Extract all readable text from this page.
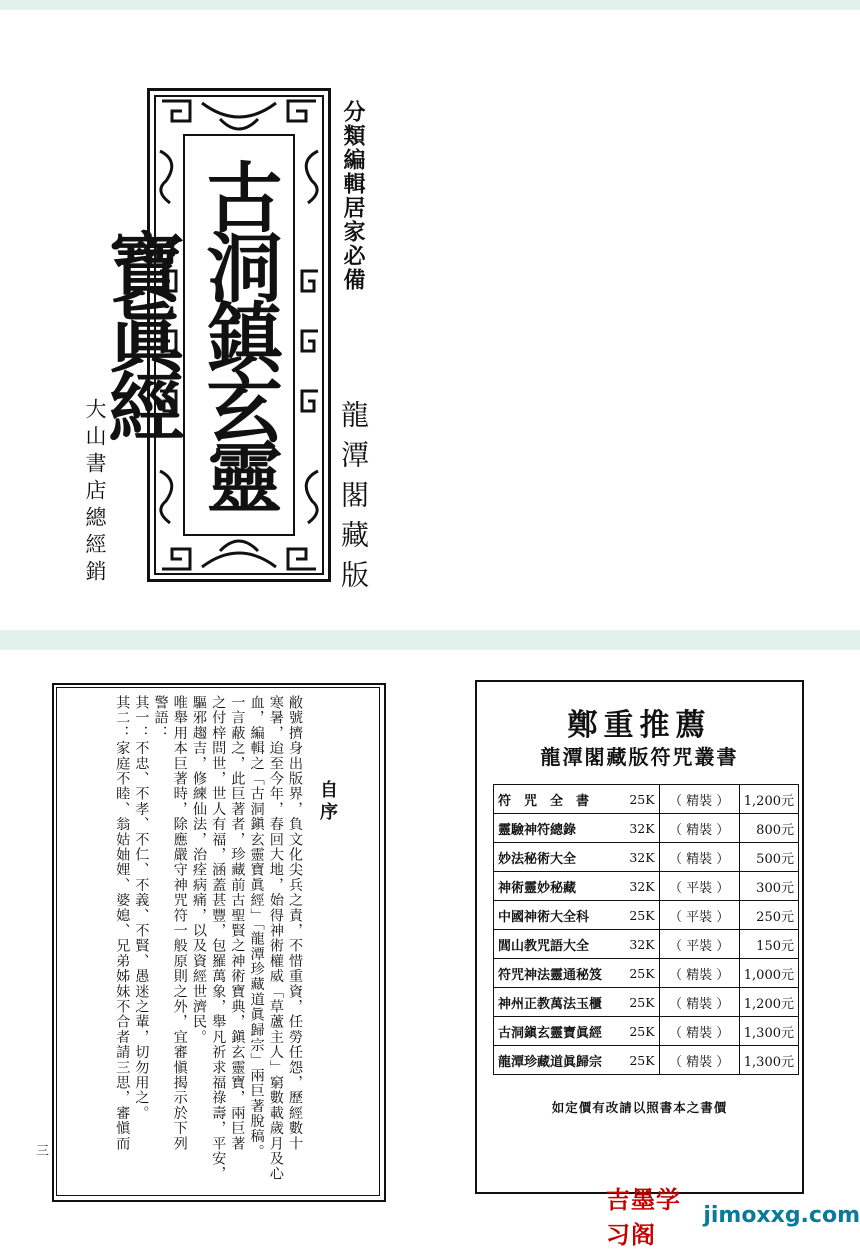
古洞鎮玄靈寶眞經
分類編輯居家必備
龍潭閣藏版
大山書店總經銷
自序
敝號擠身出版界，負文化尖兵之責，不惜重資，任勞任怨，歷經數十
寒暑，迨至今年，春回大地，始得神術權威「草蘆主人」窮數載歲月及心
血，編輯之「古洞鎭玄靈寶眞經」「龍潭珍藏道眞歸宗」兩巨著脫稿。
一言蔽之，此巨著者，珍藏前古聖賢之神術寶典，鎭玄靈寶，兩巨著
之付梓問世，世人有福，涵蓋甚豐，包羅萬象，舉凡祈求福祿壽，平安，
驅邪趨吉，修練仙法，治痊病痛，以及資經世濟民。
唯舉用本巨著時，除應嚴守神咒符一般原則之外，宜審愼揭示於下列
警語：
其一：不忠、不孝、不仁、不義、不賢、愚迷之輩，切勿用之。
其二：家庭不睦、翁姑妯娌、婆媳、兄弟姊妹不合者請三思，審愼而
三
鄭重推薦
龍潭閣藏版符咒叢書
符　咒　全　書	25K	（ 精裝 ）	1,200元
靈驗神符總錄	32K	（ 精裝 ）	800元
妙法秘術大全	32K	（ 精裝 ）	500元
神術靈妙秘藏	32K	（ 平裝 ）	300元
中國神術大全科	25K	（ 平裝 ）	250元
閭山教咒語大全	32K	（ 平裝 ）	150元
符咒神法靈通秘笈	25K	（ 精裝 ）	1,000元
神州正教萬法玉櫃	25K	（ 精裝 ）	1,200元
古洞鎭玄靈寶眞經	25K	（ 精裝 ）	1,300元
龍潭珍藏道眞歸宗	25K	（ 精裝 ）	1,300元
如定價有改請以照書本之書價
吉墨学习阁
jimoxxg.com
